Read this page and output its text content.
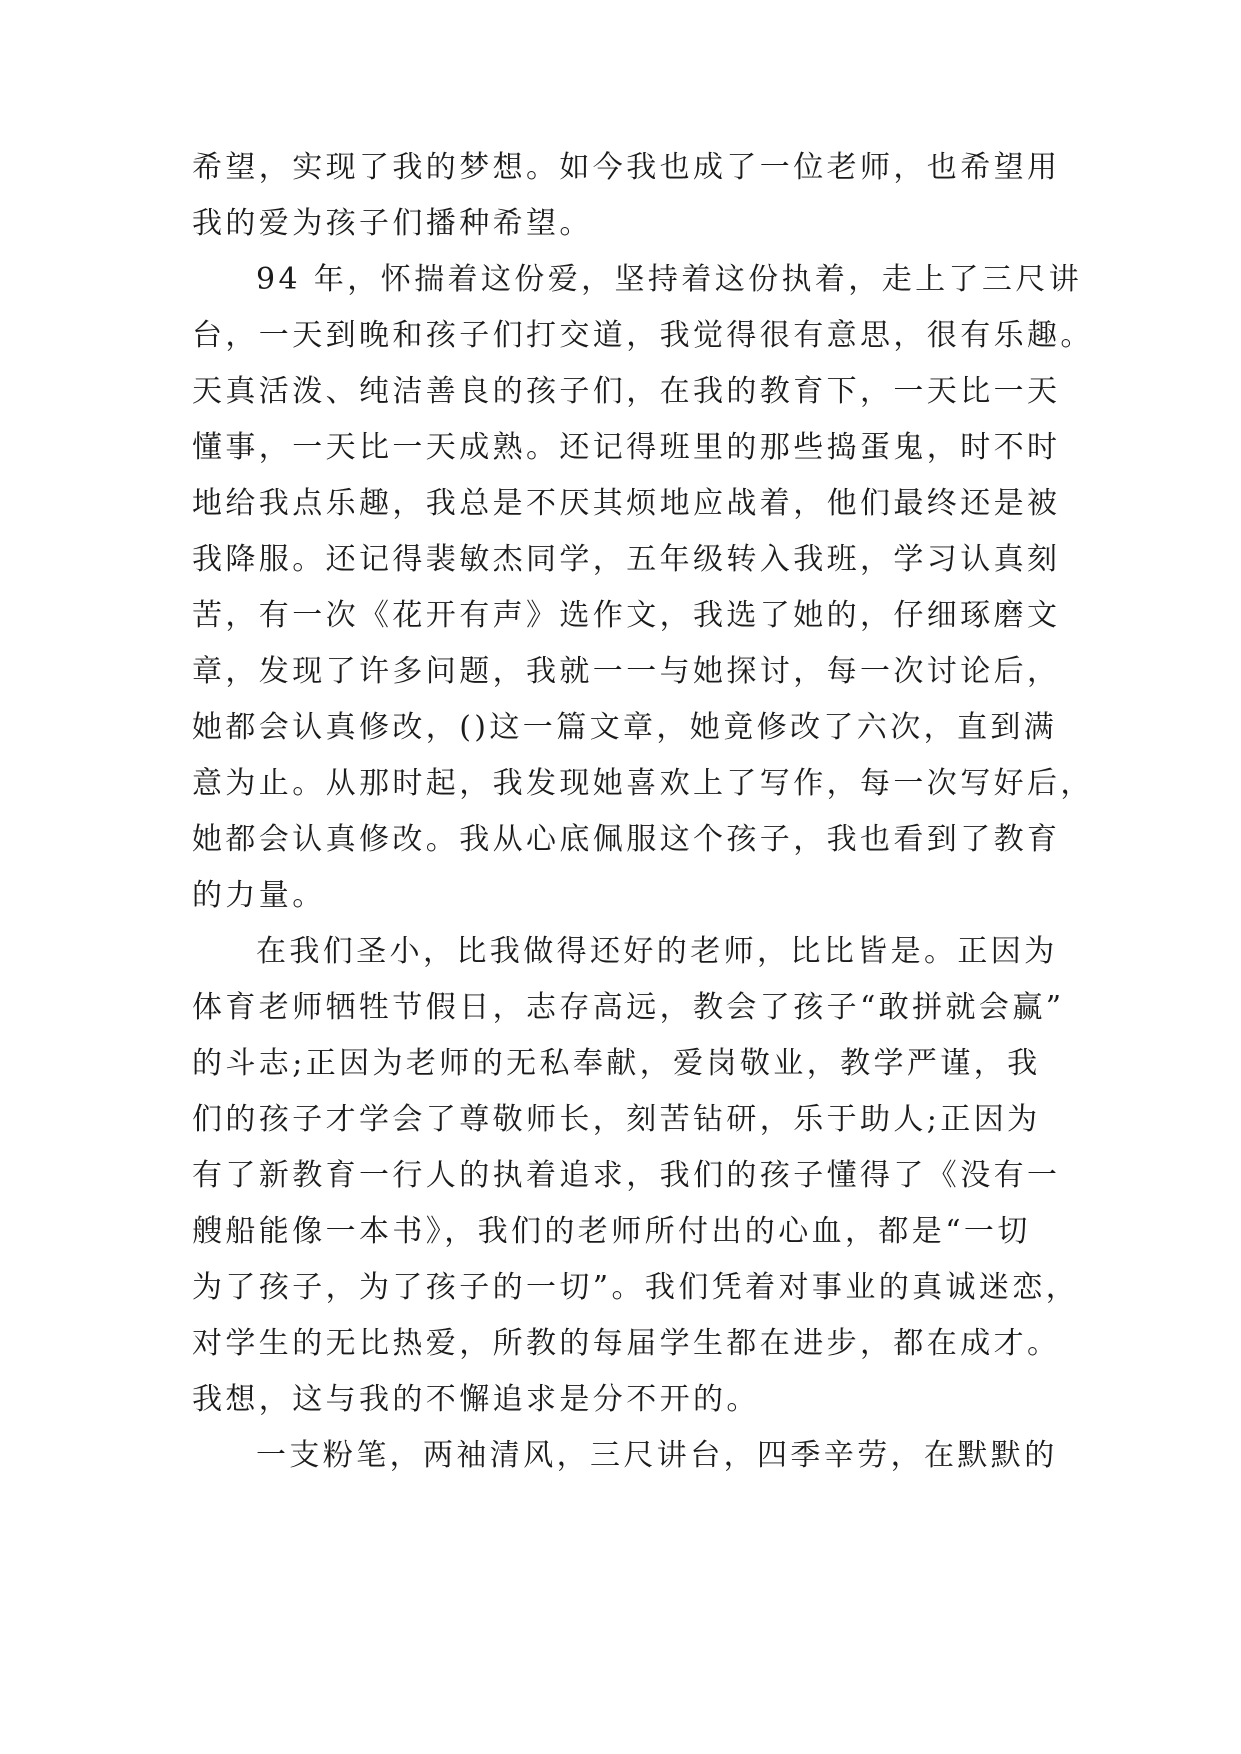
希望，实现了我的梦想。如今我也成了一位老师，也希望用
我的爱为孩子们播种希望。
94 年，怀揣着这份爱，坚持着这份执着，走上了三尺讲
台，一天到晚和孩子们打交道，我觉得很有意思，很有乐趣。
天真活泼、纯洁善良的孩子们，在我的教育下，一天比一天
懂事，一天比一天成熟。还记得班里的那些捣蛋鬼，时不时
地给我点乐趣，我总是不厌其烦地应战着，他们最终还是被
我降服。还记得裴敏杰同学，五年级转入我班，学习认真刻
苦，有一次《花开有声》选作文，我选了她的，仔细琢磨文
章，发现了许多问题，我就一一与她探讨，每一次讨论后，
她都会认真修改，()这一篇文章，她竟修改了六次，直到满
意为止。从那时起，我发现她喜欢上了写作，每一次写好后，
她都会认真修改。我从心底佩服这个孩子，我也看到了教育
的力量。
在我们圣小，比我做得还好的老师，比比皆是。正因为
体育老师牺牲节假日，志存高远，教会了孩子“敢拼就会赢”
的斗志;正因为老师的无私奉献，爱岗敬业，教学严谨，我
们的孩子才学会了尊敬师长，刻苦钻研，乐于助人;正因为
有了新教育一行人的执着追求，我们的孩子懂得了《没有一
艘船能像一本书》，我们的老师所付出的心血，都是“一切
为了孩子，为了孩子的一切”。我们凭着对事业的真诚迷恋，
对学生的无比热爱，所教的每届学生都在进步，都在成才。
我想，这与我的不懈追求是分不开的。
一支粉笔，两袖清风，三尺讲台，四季辛劳，在默默的
